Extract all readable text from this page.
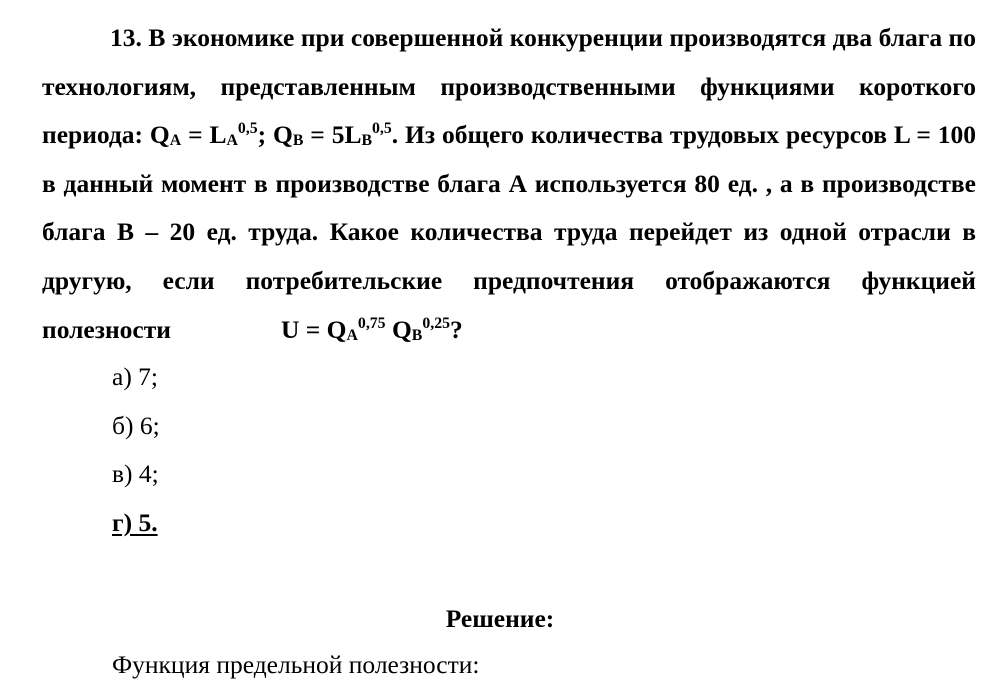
13. В экономике при совершенной конкуренции производятся два блага по технологиям, представленным производственными функциями короткого периода: QA = LA$^{0,5}$; QB = 5LB$^{0,5}$. Из общего количества трудовых ресурсов L = 100 в данный момент в производстве блага А используется 80 ед. , а в производстве блага В – 20 ед. труда. Какое количества труда перейдет из одной отрасли в другую, если потребительские предпочтения отображаются функцией полезности	U = QA$^{0,75}$ QB$^{0,25}$?

а) 7;
б) 6;
в) 4;
г) 5.

Решение:

Функция предельной полезности:
